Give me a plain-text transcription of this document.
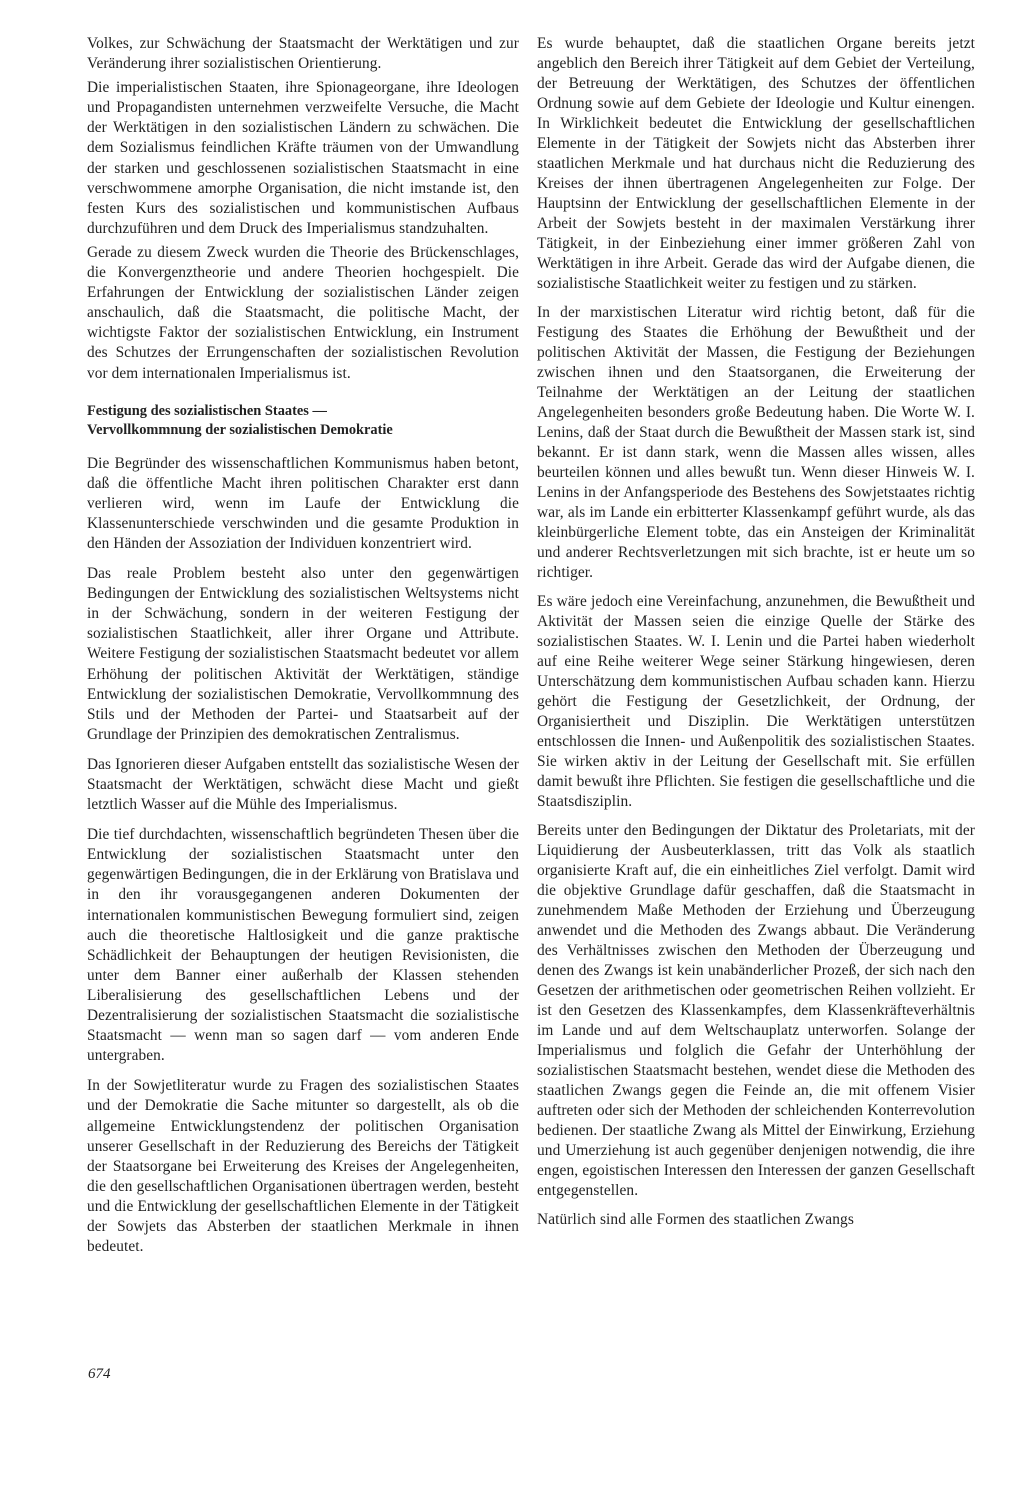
Volkes, zur Schwächung der Staatsmacht der Werktätigen und zur Veränderung ihrer sozialistischen Orientierung.

Die imperialistischen Staaten, ihre Spionageorgane, ihre Ideologen und Propagandisten unternehmen verzweifelte Versuche, die Macht der Werktätigen in den sozialistischen Ländern zu schwächen. Die dem Sozialismus feindlichen Kräfte träumen von der Umwandlung der starken und geschlossenen sozialistischen Staatsmacht in eine verschwommene amorphe Organisation, die nicht imstande ist, den festen Kurs des sozialistischen und kommunistischen Aufbaus durchzuführen und dem Druck des Imperialismus standzuhalten.

Gerade zu diesem Zweck wurden die Theorie des Brückenschlages, die Konvergenztheorie und andere Theorien hochgespielt. Die Erfahrungen der Entwicklung der sozialistischen Länder zeigen anschaulich, daß die Staatsmacht, die politische Macht, der wichtigste Faktor der sozialistischen Entwicklung, ein Instrument des Schutzes der Errungenschaften der sozialistischen Revolution vor dem internationalen Imperialismus ist.

Festigung des sozialistischen Staates —
Vervollkommnung der sozialistischen Demokratie

Die Begründer des wissenschaftlichen Kommunismus haben betont, daß die öffentliche Macht ihren politischen Charakter erst dann verlieren wird, wenn im Laufe der Entwicklung die Klassenunterschiede verschwinden und die gesamte Produktion in den Händen der Assoziation der Individuen konzentriert wird.

Das reale Problem besteht also unter den gegenwärtigen Bedingungen der Entwicklung des sozialistischen Weltsystems nicht in der Schwächung, sondern in der weiteren Festigung der sozialistischen Staatlichkeit, aller ihrer Organe und Attribute. Weitere Festigung der sozialistischen Staatsmacht bedeutet vor allem Erhöhung der politischen Aktivität der Werktätigen, ständige Entwicklung der sozialistischen Demokratie, Vervollkommnung des Stils und der Methoden der Partei- und Staatsarbeit auf der Grundlage der Prinzipien des demokratischen Zentralismus.

Das Ignorieren dieser Aufgaben entstellt das sozialistische Wesen der Staatsmacht der Werktätigen, schwächt diese Macht und gießt letztlich Wasser auf die Mühle des Imperialismus.

Die tief durchdachten, wissenschaftlich begründeten Thesen über die Entwicklung der sozialistischen Staatsmacht unter den gegenwärtigen Bedingungen, die in der Erklärung von Bratislava und in den ihr vorausgegangenen anderen Dokumenten der internationalen kommunistischen Bewegung formuliert sind, zeigen auch die theoretische Haltlosigkeit und die ganze praktische Schädlichkeit der Behauptungen der heutigen Revisionisten, die unter dem Banner einer außerhalb der Klassen stehenden Liberalisierung des gesellschaftlichen Lebens und der Dezentralisierung der sozialistischen Staatsmacht die sozialistische Staatsmacht — wenn man so sagen darf — vom anderen Ende untergraben.

In der Sowjetliteratur wurde zu Fragen des sozialistischen Staates und der Demokratie die Sache mitunter so dargestellt, als ob die allgemeine Entwicklungstendenz der politischen Organisation unserer Gesellschaft in der Reduzierung des Bereichs der Tätigkeit der Staatsorgane bei Erweiterung des Kreises der Angelegenheiten, die den gesellschaftlichen Organisationen übertragen werden, besteht und die Entwicklung der gesellschaftlichen Elemente in der Tätigkeit der Sowjets das Absterben der staatlichen Merkmale in ihnen bedeutet.

Es wurde behauptet, daß die staatlichen Organe bereits jetzt angeblich den Bereich ihrer Tätigkeit auf dem Gebiet der Verteilung, der Betreuung der Werktätigen, des Schutzes der öffentlichen Ordnung sowie auf dem Gebiete der Ideologie und Kultur einengen. In Wirklichkeit bedeutet die Entwicklung der gesellschaftlichen Elemente in der Tätigkeit der Sowjets nicht das Absterben ihrer staatlichen Merkmale und hat durchaus nicht die Reduzierung des Kreises der ihnen übertragenen Angelegenheiten zur Folge. Der Hauptsinn der Entwicklung der gesellschaftlichen Elemente in der Arbeit der Sowjets besteht in der maximalen Verstärkung ihrer Tätigkeit, in der Einbeziehung einer immer größeren Zahl von Werktätigen in ihre Arbeit. Gerade das wird der Aufgabe dienen, die sozialistische Staatlichkeit weiter zu festigen und zu stärken.

In der marxistischen Literatur wird richtig betont, daß für die Festigung des Staates die Erhöhung der Bewußtheit und der politischen Aktivität der Massen, die Festigung der Beziehungen zwischen ihnen und den Staatsorganen, die Erweiterung der Teilnahme der Werktätigen an der Leitung der staatlichen Angelegenheiten besonders große Bedeutung haben. Die Worte W. I. Lenins, daß der Staat durch die Bewußtheit der Massen stark ist, sind bekannt. Er ist dann stark, wenn die Massen alles wissen, alles beurteilen können und alles bewußt tun. Wenn dieser Hinweis W. I. Lenins in der Anfangsperiode des Bestehens des Sowjetstaates richtig war, als im Lande ein erbitterter Klassenkampf geführt wurde, als das kleinbürgerliche Element tobte, das ein Ansteigen der Kriminalität und anderer Rechtsverletzungen mit sich brachte, ist er heute um so richtiger.

Es wäre jedoch eine Vereinfachung, anzunehmen, die Bewußtheit und Aktivität der Massen seien die einzige Quelle der Stärke des sozialistischen Staates. W. I. Lenin und die Partei haben wiederholt auf eine Reihe weiterer Wege seiner Stärkung hingewiesen, deren Unterschätzung dem kommunistischen Aufbau schaden kann. Hierzu gehört die Festigung der Gesetzlichkeit, der Ordnung, der Organisiertheit und Disziplin. Die Werktätigen unterstützen entschlossen die Innen- und Außenpolitik des sozialistischen Staates. Sie wirken aktiv in der Leitung der Gesellschaft mit. Sie erfüllen damit bewußt ihre Pflichten. Sie festigen die gesellschaftliche und die Staatsdisziplin.

Bereits unter den Bedingungen der Diktatur des Proletariats, mit der Liquidierung der Ausbeuterklassen, tritt das Volk als staatlich organisierte Kraft auf, die ein einheitliches Ziel verfolgt. Damit wird die objektive Grundlage dafür geschaffen, daß die Staatsmacht in zunehmendem Maße Methoden der Erziehung und Überzeugung anwendet und die Methoden des Zwangs abbaut. Die Veränderung des Verhältnisses zwischen den Methoden der Überzeugung und denen des Zwangs ist kein unabänderlicher Prozeß, der sich nach den Gesetzen der arithmetischen oder geometrischen Reihen vollzieht. Er ist den Gesetzen des Klassenkampfes, dem Klassenkräfteverhältnis im Lande und auf dem Weltschauplatz unterworfen. Solange der Imperialismus und folglich die Gefahr der Unterhöhlung der sozialistischen Staatsmacht bestehen, wendet diese die Methoden des staatlichen Zwangs gegen die Feinde an, die mit offenem Visier auftreten oder sich der Methoden der schleichenden Konterrevolution bedienen. Der staatliche Zwang als Mittel der Einwirkung, Erziehung und Umerziehung ist auch gegenüber denjenigen notwendig, die ihre engen, egoistischen Interessen den Interessen der ganzen Gesellschaft entgegenstellen.

Natürlich sind alle Formen des staatlichen Zwangs

674
